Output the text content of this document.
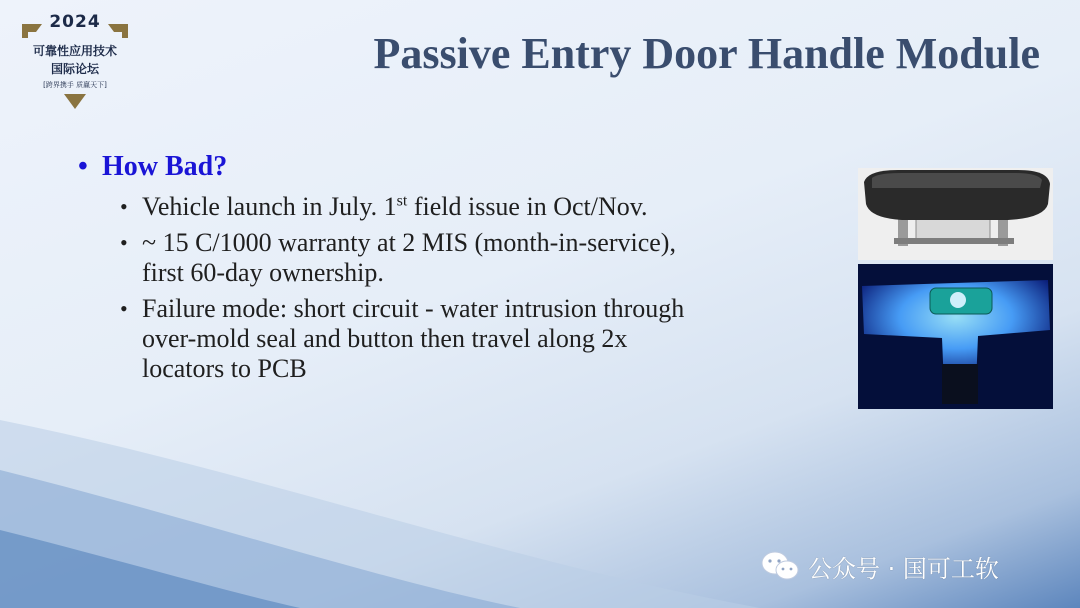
2024
可靠性应用技术
国际论坛
[跨界携手 质赢天下]
Passive Entry Door Handle Module
• How Bad?
• Vehicle launch in July. 1st field issue in Oct/Nov.
• ~ 15 C/1000 warranty at 2 MIS (month-in-service),
first 60-day ownership.
• Failure mode: short circuit - water intrusion through
over-mold seal and button then travel along 2x
locators to PCB
公众号 · 国可工软
